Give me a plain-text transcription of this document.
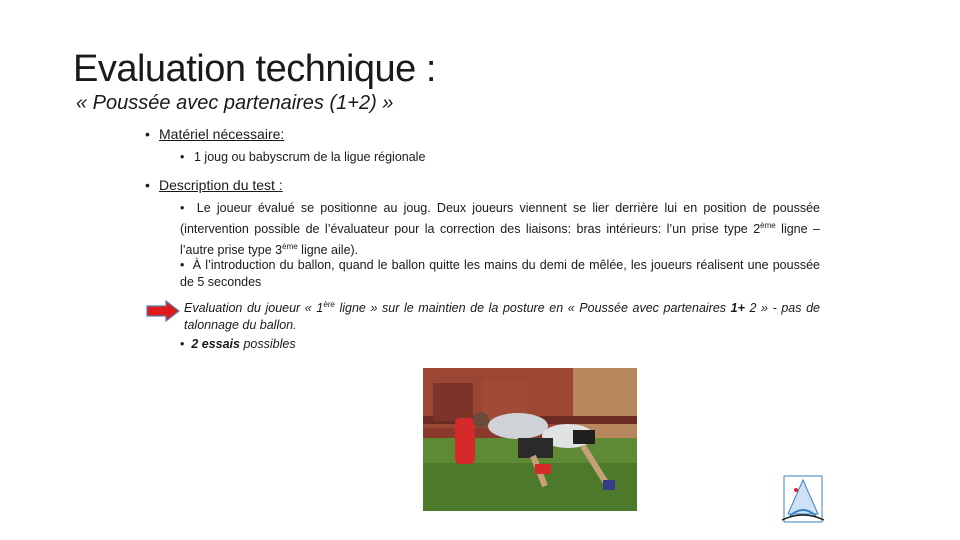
Evaluation technique :
« Poussée avec partenaires (1+2) »
• Matériel nécessaire:
• 1 joug ou babyscrum de la ligue régionale
• Description du test :
•  Le joueur évalué se positionne au joug. Deux joueurs viennent se lier derrière lui en position de poussée (intervention possible de l’évaluateur pour la correction des liaisons: bras intérieurs: l’un prise type 2ème ligne – l’autre prise type 3ème ligne aile).
•  À l’introduction du ballon, quand le ballon quitte les mains du demi de mêlée, les joueurs réalisent une poussée de 5 secondes
Evaluation du joueur « 1ère ligne » sur le maintien de la posture en « Poussée avec partenaires 1+ 2 » - pas de talonnage du ballon.
•  2 essais possibles
